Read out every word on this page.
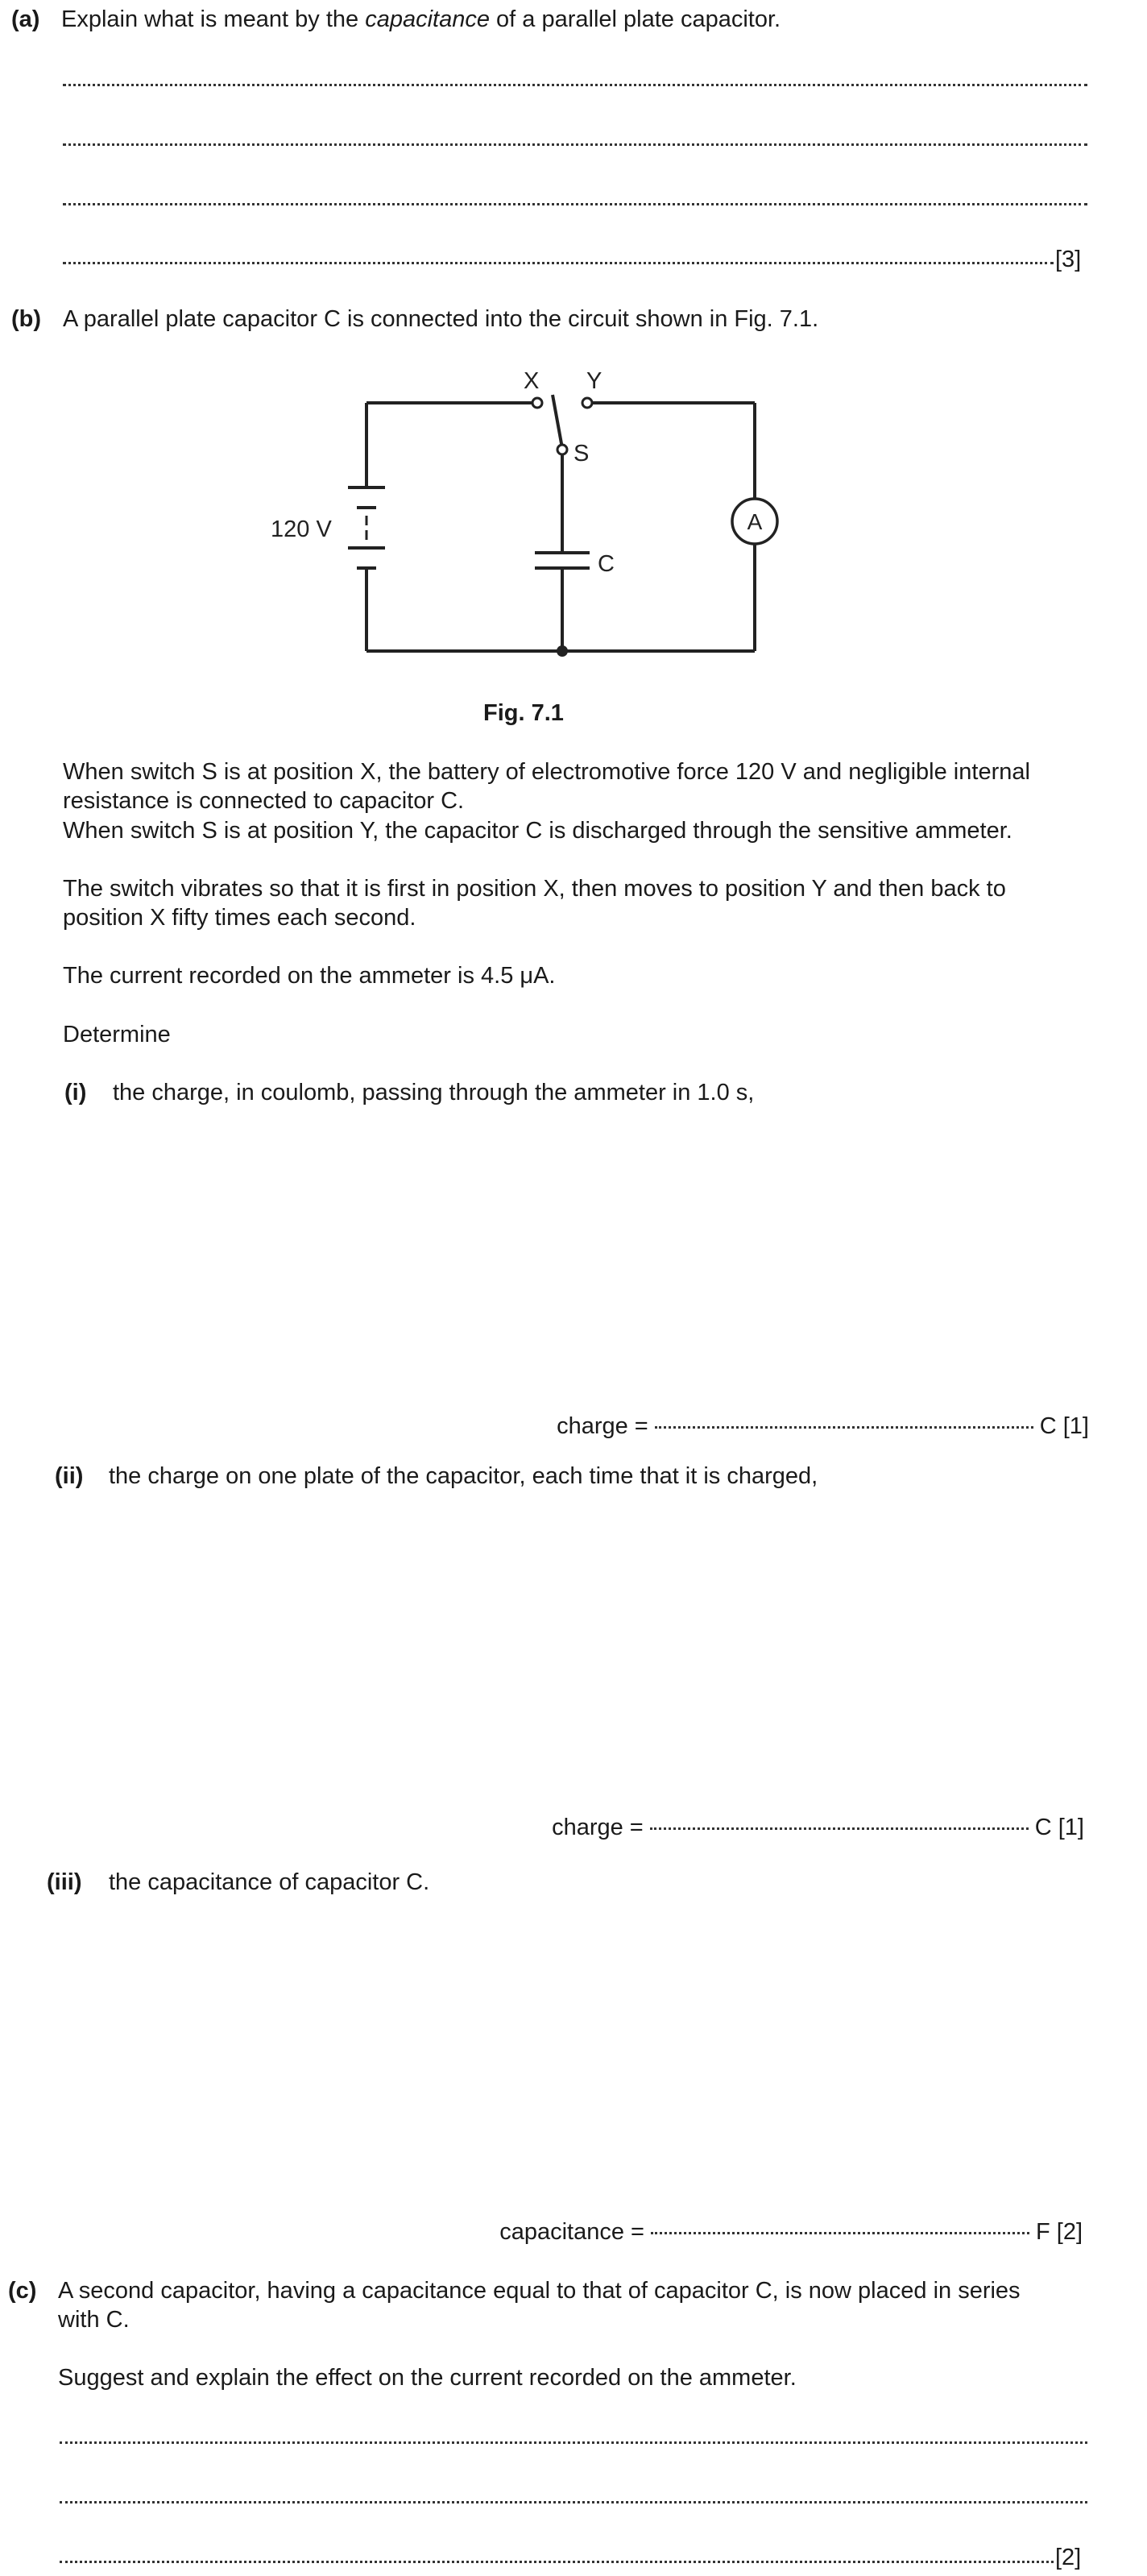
(a) Explain what is meant by the capacitance of a parallel plate capacitor.
[3]
(b) A parallel plate capacitor C is connected into the circuit shown in Fig. 7.1.
X Y
S
C
120 V	A
Fig. 7.1
When switch S is at position X, the battery of electromotive force 120 V and negligible internal
resistance is connected to capacitor C.
When switch S is at position Y, the capacitor C is discharged through the sensitive ammeter.
The switch vibrates so that it is first in position X, then moves to position Y and then back to
position X fifty times each second.
The current recorded on the ammeter is 4.5 μA.
Determine
(i) the charge, in coulomb, passing through the ammeter in 1.0 s,
charge =	C [1]
(ii) the charge on one plate of the capacitor, each time that it is charged,
charge =	C [1]
(iii) the capacitance of capacitor C.
capacitance =	F [2]
(c) A second capacitor, having a capacitance equal to that of capacitor C, is now placed in series
with C.
Suggest and explain the effect on the current recorded on the ammeter.
[2]
